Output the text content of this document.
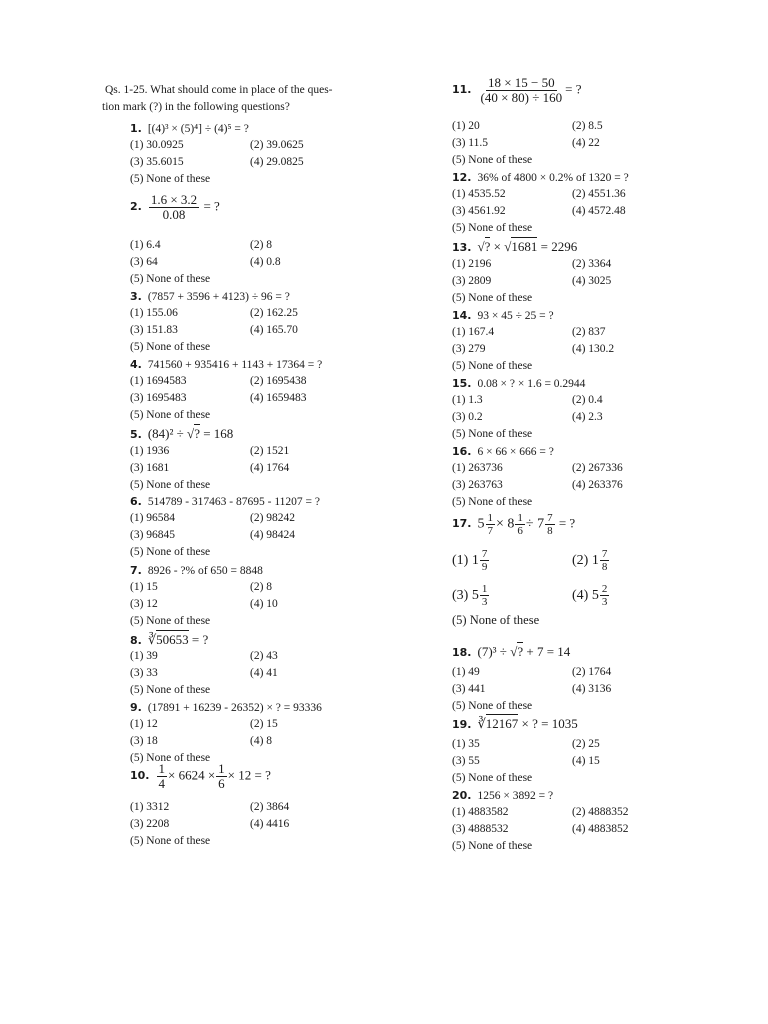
Qs. 1-25. What should come in place of the ques-
tion mark (?) in the following questions?
1. [(4)³ × (5)⁴] ÷ (4)⁵ = ?
(1) 30.0925	(2) 39.0625
(3) 35.6015	(4) 29.0825
(5) None of these
2. $\frac{1.6 \times 3.2}{0.08}$ = ?
(1) 6.4	(2) 8
(3) 64	(4) 0.8
(5) None of these
3. (7857 + 3596 + 4123) ÷ 96 = ?
(1) 155.06	(2) 162.25
(3) 151.83	(4) 165.70
(5) None of these
4. 741560 + 935416 + 1143 + 17364 = ?
(1) 1694583	(2) 1695438
(3) 1695483	(4) 1659483
(5) None of these
5. (84)² ÷ √? = 168
(1) 1936	(2) 1521
(3) 1681	(4) 1764
(5) None of these
6. 514789 - 317463 - 87695 - 11207 = ?
(1) 96584	(2) 98242
(3) 96845	(4) 98424
(5) None of these
7. 8926 - ?% of 650 = 8848
(1) 15	(2) 8
(3) 12	(4) 10
(5) None of these
8. ∛50653 = ?
(1) 39	(2) 43
(3) 33	(4) 41
(5) None of these
9. (17891 + 16239 - 26352) × ? = 93336
(1) 12	(2) 15
(3) 18	(4) 8
(5) None of these
10. $\frac{1}{4} \times 6624 \times \frac{1}{6} \times 12$ = ?
(1) 3312	(2) 3864
(3) 2208	(4) 4416
(5) None of these
11. $\frac{18 \times 15 - 50}{(40 \times 80) \div 160}$ = ?
(1) 20	(2) 8.5
(3) 11.5	(4) 22
(5) None of these
12. 36% of 4800 × 0.2% of 1320 = ?
(1) 4535.52	(2) 4551.36
(3) 4561.92	(4) 4572.48
(5) None of these
13. √? × √1681 = 2296
(1) 2196	(2) 3364
(3) 2809	(4) 3025
(5) None of these
14. 93 × 45 ÷ 25 = ?
(1) 167.4	(2) 837
(3) 279	(4) 130.2
(5) None of these
15. 0.08 × ? × 1.6 = 0.2944
(1) 1.3	(2) 0.4
(3) 0.2	(4) 2.3
(5) None of these
16. 6 × 66 × 666 = ?
(1) 263736	(2) 267336
(3) 263763	(4) 263376
(5) None of these
17. $5 \frac{1}{7} \times 8 \frac{1}{6} \div 7 \frac{7}{8}$ = ?
(1) $1 \frac{7}{9}$	(2) $1 \frac{7}{8}$
(3) $5 \frac{1}{3}$	(4) $5 \frac{2}{3}$
(5) None of these
18. (7)³ ÷ √? + 7 = 14
(1) 49	(2) 1764
(3) 441	(4) 3136
(5) None of these
19. ∛12167 × ? = 1035
(1) 35	(2) 25
(3) 55	(4) 15
(5) None of these
20. 1256 × 3892 = ?
(1) 4883582	(2) 4888352
(3) 4888532	(4) 4883852
(5) None of these
